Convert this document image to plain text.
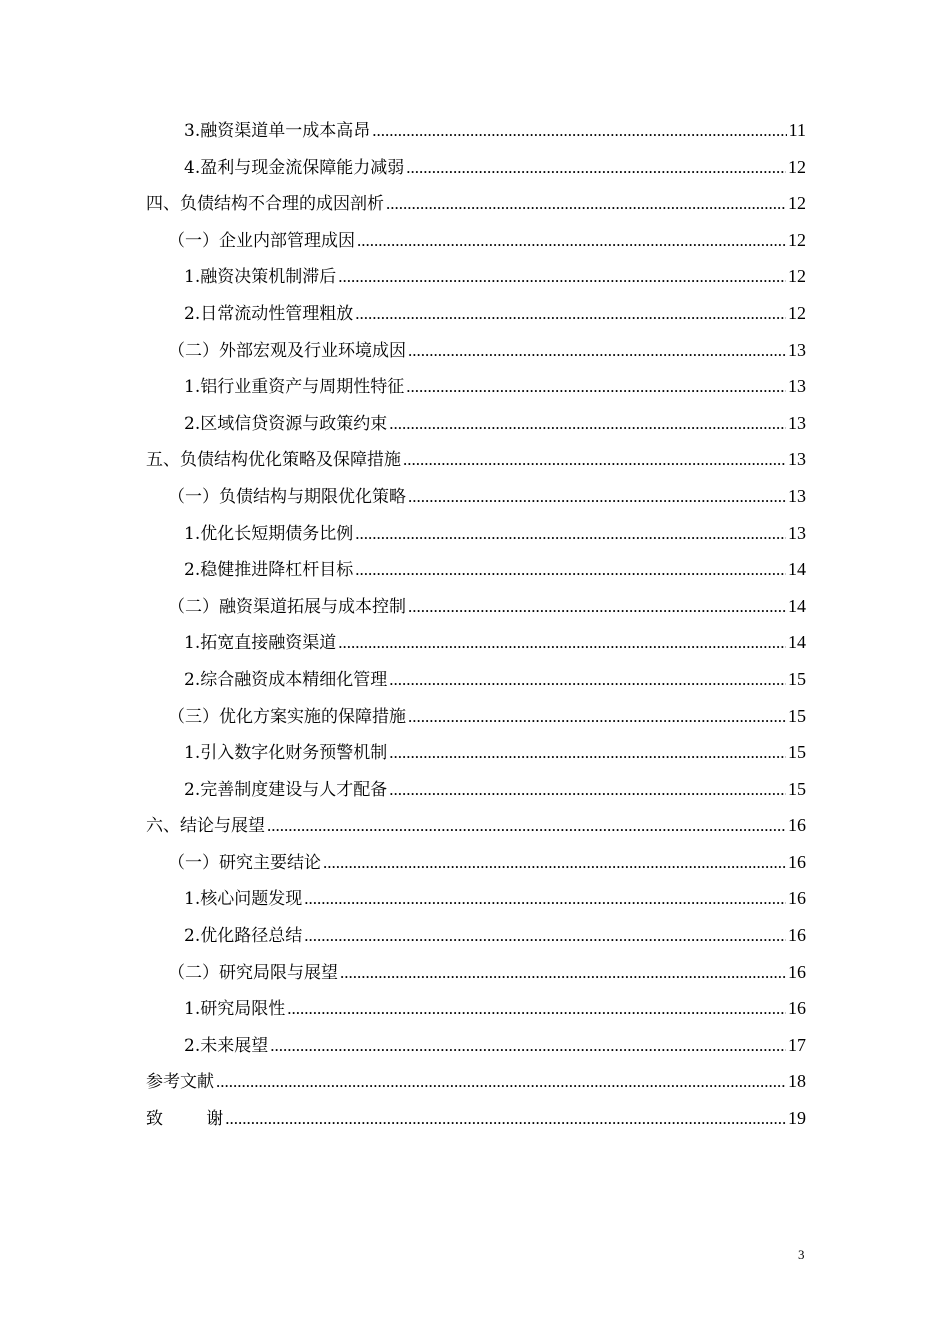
3.融资渠道单一成本高昂 .....	11
4.盈利与现金流保障能力减弱 .....	12
四、负债结构不合理的成因剖析 .....	12
（一）企业内部管理成因 .....	12
1.融资决策机制滞后 .....	12
2.日常流动性管理粗放 .....	12
（二）外部宏观及行业环境成因 .....	13
1.铝行业重资产与周期性特征 .....	13
2.区域信贷资源与政策约束 .....	13
五、负债结构优化策略及保障措施 .....	13
（一）负债结构与期限优化策略 .....	13
1.优化长短期债务比例 .....	13
2.稳健推进降杠杆目标 .....	14
（二）融资渠道拓展与成本控制 .....	14
1.拓宽直接融资渠道 .....	14
2.综合融资成本精细化管理 .....	15
（三）优化方案实施的保障措施 .....	15
1.引入数字化财务预警机制 .....	15
2.完善制度建设与人才配备 .....	15
六、结论与展望 .....	16
（一）研究主要结论 .....	16
1.核心问题发现 .....	16
2.优化路径总结 .....	16
（二）研究局限与展望 .....	16
1.研究局限性 .....	16
2.未来展望 .....	17
参考文献 .....	18
致        谢 .....	19
3
